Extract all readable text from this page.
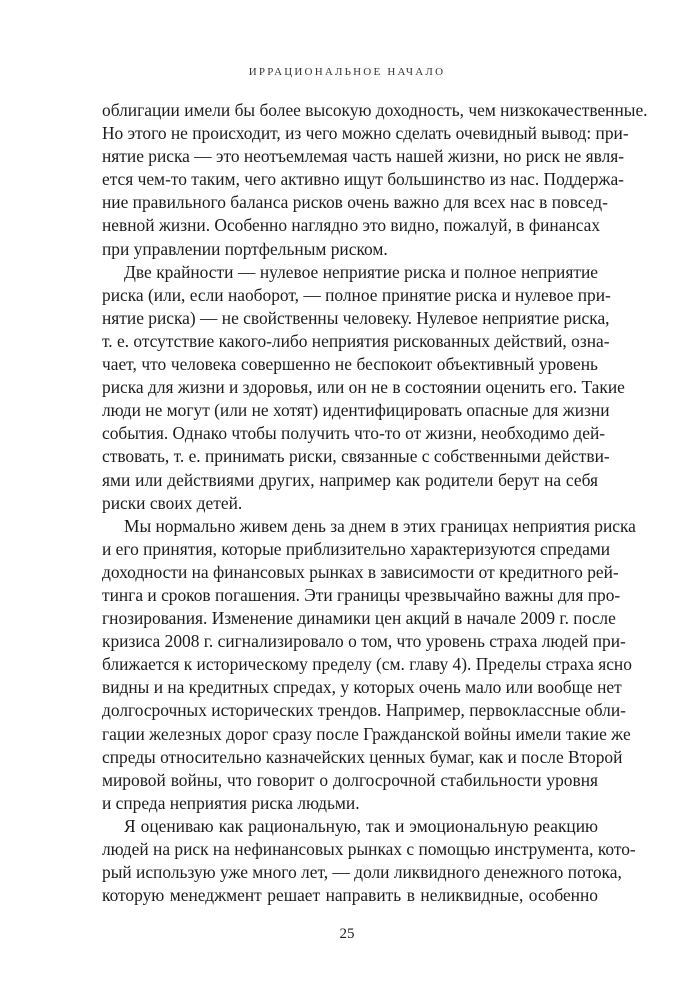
ИРРАЦИОНАЛЬНОЕ НАЧАЛО
облигации имели бы более высокую доходность, чем низкокачественные.
Но этого не происходит, из чего можно сделать очевидный вывод: при-
нятие риска — это неотъемлемая часть нашей жизни, но риск не явля-
ется чем-то таким, чего активно ищут большинство из нас. Поддержа-
ние правильного баланса рисков очень важно для всех нас в повсед-
невной жизни. Особенно наглядно это видно, пожалуй, в финансах
при управлении портфельным риском.
Две крайности — нулевое неприятие риска и полное неприятие
риска (или, если наоборот, — полное принятие риска и нулевое при-
нятие риска) — не свойственны человеку. Нулевое неприятие риска,
т. е. отсутствие какого-либо неприятия рискованных действий, озна-
чает, что человека совершенно не беспокоит объективный уровень
риска для жизни и здоровья, или он не в состоянии оценить его. Такие
люди не могут (или не хотят) идентифицировать опасные для жизни
события. Однако чтобы получить что-то от жизни, необходимо дей-
ствовать, т. е. принимать риски, связанные с собственными действи-
ями или действиями других, например как родители берут на себя
риски своих детей.
Мы нормально живем день за днем в этих границах неприятия риска
и его принятия, которые приблизительно характеризуются спредами
доходности на финансовых рынках в зависимости от кредитного рей-
тинга и сроков погашения. Эти границы чрезвычайно важны для про-
гнозирования. Изменение динамики цен акций в начале 2009 г. после
кризиса 2008 г. сигнализировало о том, что уровень страха людей при-
ближается к историческому пределу (см. главу 4). Пределы страха ясно
видны и на кредитных спредах, у которых очень мало или вообще нет
долгосрочных исторических трендов. Например, первоклассные обли-
гации железных дорог сразу после Гражданской войны имели такие же
спреды относительно казначейских ценных бумаг, как и после Второй
мировой войны, что говорит о долгосрочной стабильности уровня
и спреда неприятия риска людьми.
Я оцениваю как рациональную, так и эмоциональную реакцию
людей на риск на нефинансовых рынках с помощью инструмента, кото-
рый использую уже много лет, — доли ликвидного денежного потока,
которую менеджмент решает направить в неликвидные, особенно
25
